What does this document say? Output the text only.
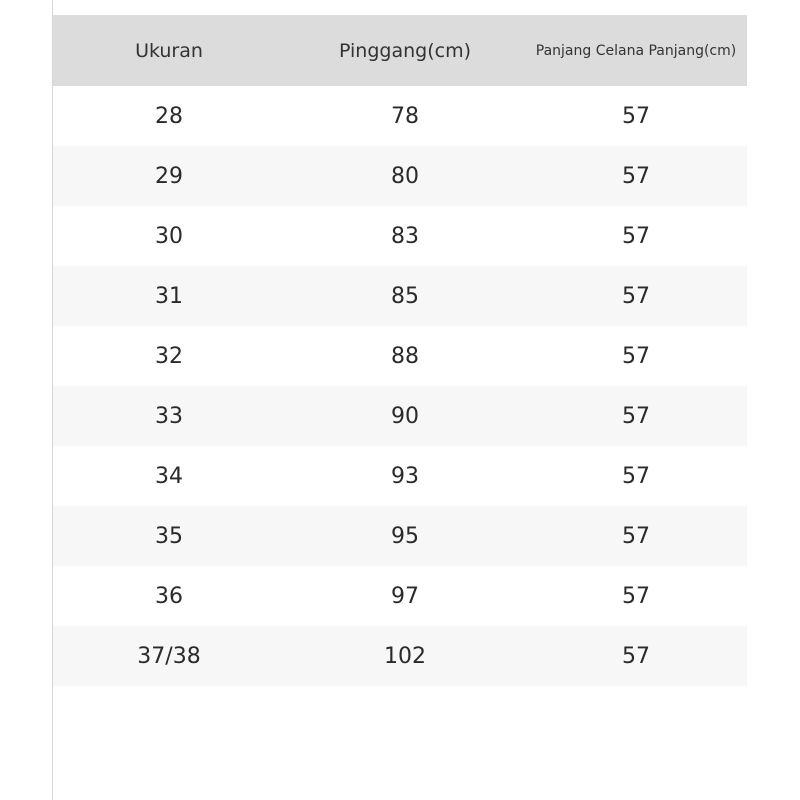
Ukuran	Pinggang(cm)	Panjang Celana Panjang(cm)
28	78	57
29	80	57
30	83	57
31	85	57
32	88	57
33	90	57
34	93	57
35	95	57
36	97	57
37/38	102	57
